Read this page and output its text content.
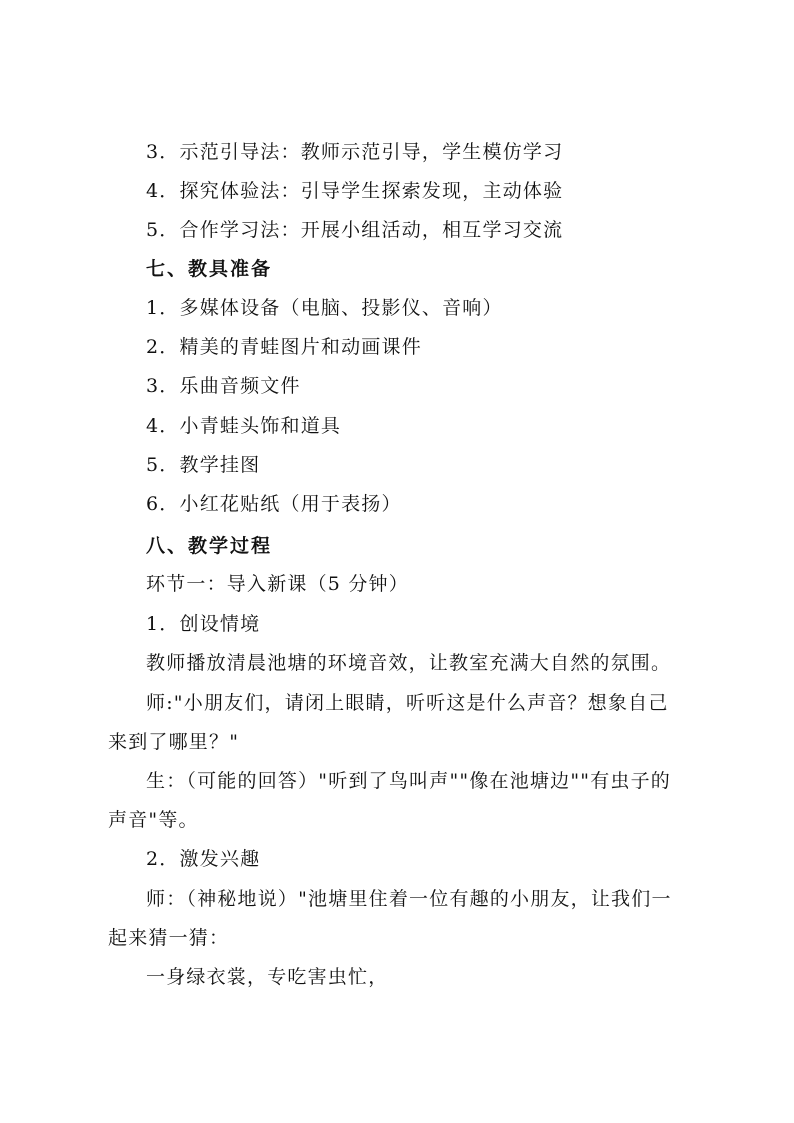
3．示范引导法：教师示范引导，学生模仿学习
4．探究体验法：引导学生探索发现，主动体验
5．合作学习法：开展小组活动，相互学习交流
七、教具准备
1．多媒体设备（电脑、投影仪、音响）
2．精美的青蛙图片和动画课件
3．乐曲音频文件
4．小青蛙头饰和道具
5．教学挂图
6．小红花贴纸（用于表扬）
八、教学过程
环节一：导入新课（5 分钟）
1．创设情境
教师播放清晨池塘的环境音效，让教室充满大自然的氛围。
师:"小朋友们，请闭上眼睛，听听这是什么声音？想象自己
来到了哪里？"
生：（可能的回答）"听到了鸟叫声""像在池塘边""有虫子的
声音"等。
2．激发兴趣
师：（神秘地说）"池塘里住着一位有趣的小朋友，让我们一
起来猜一猜：
一身绿衣裳，专吃害虫忙，
